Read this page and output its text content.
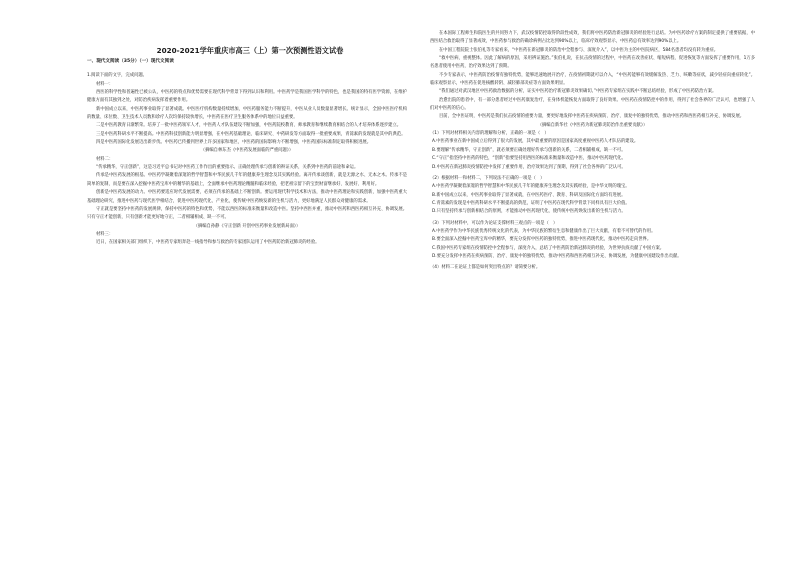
2020-2021学年重庆市高三（上）第一次预测性语文试卷
一、现代文阅读（35分）（一）现代文阅读

1.阅读下面的文字，完成问题。

材料一：

西医的科学性和普遍性已被公认，中医药的特点和优势需要在现代科学背景下得到认识和利用。中医药学是我国医学科学的特色，也是我国的特有医学资源，在维护健康方面有其独到之处，对防治疾病发挥着重要作用。

新中国成立以来，中医药事业取得了显著成就。中医医疗机构数量持续增加，中医药服务能力不断提升，中医从业人员数量显著增长。统计显示，全国中医医疗机构的数量、床位数、卫生技术人员数和诊疗人次均保持较快增长，中医药在医疗卫生服务体系中的地位日益重要。

二是中医药教育日渐繁荣。培养了一批中医药领军人才，中医药人才队伍建设不断加强，中医药院校教育、师承教育和继续教育相结合的人才培养体系逐步建立。

三是中医药科研水平不断提高。中医药科技创新能力明显增强，在中医药基础理论、临床研究、中药研发等方面取得一批重要成果，青蒿素的发现就是其中的典范。

四是中医药国际化发展迈出新步伐。中医药已传播到世界上许多国家和地区，中医药的国际影响力不断增强，中医药国际标准制定取得积极进展。

（摘编自林东杰《中医药发展面临的严重问题》）

材料二：

“传承精华，守正创新”，这是习近平总书记对中医药工作作出的重要指示。正确处理传承与创新的辩证关系，关系到中医药的前途和命运。

传承是中医药发展的根基。中医药学凝聚着深邃的哲学智慧和中华民族几千年的健康养生理念及其实践经验。离开传承谈创新，就是无源之水、无本之木。传承不是简单的复制，而是要在深入挖掘中医药宝库中的精华的基础上，全面继承中医药理论精髓和临床经验，把老祖宗留下的宝贵财富继承好、发展好、利用好。

创新是中医药发展的动力。中医药要适应时代发展需要，必须在传承的基础上不断创新。要运用现代科学技术和方法，推动中医药理论和实践创新，加强中医药重大基础理论研究，推进中医药与现代医学相结合，促进中医药现代化、产业化，使传统中医药焕发新的生机与活力，更好地满足人民群众对健康的需求。

守正就是要坚持中医药的发展规律，保持中医药的特色和优势，不能以西医的标准来衡量和改造中医。坚持中西医并重，推动中医药和西医药相互补充、协调发展。只有守正才能创新，只有创新才能更好地守正，二者相辅相成、缺一不可。

（摘编自孙静《守正创新 开创中医药事业发展新局面》）

材料三：

近日，在国家相关部门组织下，中医药专家组奔赴一线指导和参与救治的专家团队运用了中医药防治新冠肺炎的经验。

在本国际工程师生和院医生的共同努力下，武汉疫情防控取得阶段性成效，我们将中医药防治新冠肺炎的经验进行总结。为中医药诊疗方案的制定提供了重要依据，中西医结合救治取得了显著成效，中医药参与救治的确诊病例占比达到90%以上，临床疗效观察显示，中医药总有效率达到90%以上。

在中国工程院院士张伯礼等专家看来，“中医药在新冠肺炎的防治中全程参与、深度介入”，以中医为主的中医院病区，584名患者均没有转为重症。

“救中医病，重视整体。因此了解病的原因，采用辨证施治。”张伯礼说，在抗击疫情的过程中，中医药在改善症状、缩短病程、促进恢复等方面发挥了重要作用，1万多名患者使用中医药，治疗效果达到了预期。

不少专家表示，中医药防治疫情有独特优势，能够迅速地展开治疗，在疫情初期就可以介入，“中医药能够有效缓解发热、乏力、咳嗽等症状，减少轻症向重症转化”。临床观察显示，中医药在促进核酸转阴、减轻肺部炎症等方面效果明显。

“我们通过对武汉地区中医药救治数据的分析，证实中医药治疗新冠肺炎效果确切。”中医药专家组在实践中不断总结经验，形成了中医药防治方案。

治愈出院的患者中，有一部分患者经过中医药康复治疗，在身体机能恢复方面取得了良好效果。中医药在疫情防控中的作用，得到了社会各界的广泛认可，也增强了人们对中医药的信心。

目前，全中医证明，中医药是我们抗击疫情的重要力量，要更好地发挥中医药在疾病预防、治疗、康复中的独特优势，推动中医药和西医药相互补充、协调发展。

（摘编自新华社《中医药为新冠肺炎防治作出重要贡献》）

（1）下列对材料相关内容的理解和分析，正确的一项是（　）

A.中医药事业在新中国成立后得到了很大的发展，其中最重要的原因是国家高度重视中医药人才队伍的建设。

B.要理解“传承精华，守正创新”，就必须要正确处理好传承与创新的关系，二者相辅相成，缺一不可。

C.“守正”指坚持中医药的特色，“创新”指要坚持用西医的标准来衡量和改造中医，推动中医药现代化。

D.中医药在新冠肺炎疫情防控中发挥了重要作用，治疗效果达到了预期，得到了社会各界的广泛认可。

（2）根据材料一和材料二，下列说法不正确的一项是（　）

A.中医药学凝聚着深邃的哲学智慧和中华民族几千年的健康养生理念及其实践经验，是中华文明的瑰宝。

B.新中国成立以来，中医药事业取得了显著成就，在中医药医疗、教育、科研及国际化方面均有进展。

C.青蒿素的发现是中医药科研水平不断提高的典范，证明了中医药在现代科学背景下同样具有巨大价值。

D.只有坚持传承与创新相结合的原则，才能推动中医药现代化，使传统中医药焕发出新的生机与活力。

（3）下列对材料中，可以作为论证支撑材料三观点的一项是（　）

A.中医药学作为中华民族优秀传统文化的代表，为中华民族的繁衍生息和健康作出了巨大贡献，有着不可替代的作用。

B.要全面深入挖掘中医药宝库中的精华，要充分发挥中医药的独特优势，推进中医药现代化，推动中医药走向世界。

C.我国中医药专家组在疫情防控中全程参与，深度介入，总结了中医药防治新冠肺炎的经验，为世界抗疫贡献了中国方案。

D.要充分发挥中医药在疾病预防、治疗、康复中的独特优势，推动中医药和西医药相互补充、协调发展，为健康中国建设作出贡献。

（4）材料二在论证上都是如何突出特点的？请简要分析。
